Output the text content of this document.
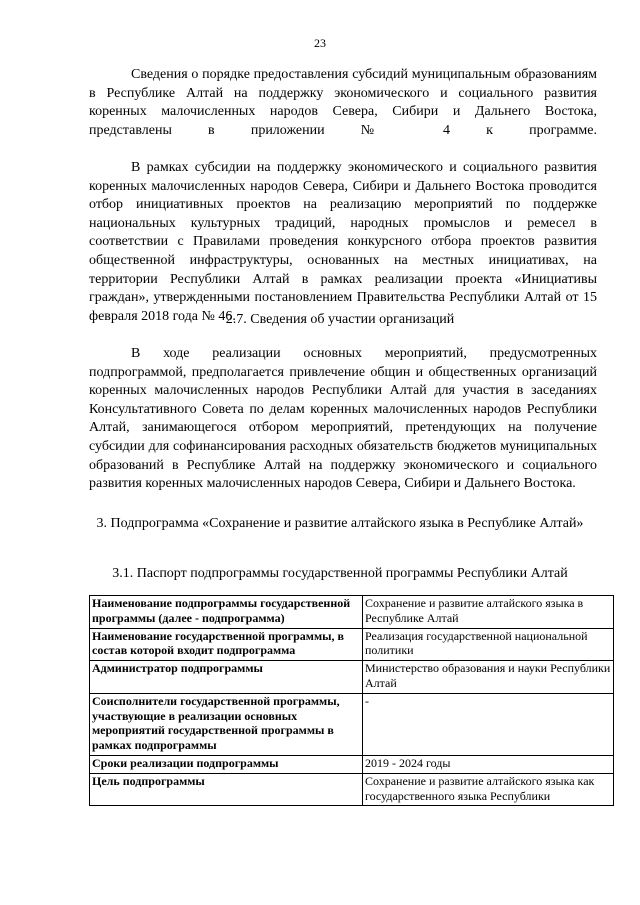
23

Сведения о порядке предоставления субсидий муниципальным образованиям в Республике Алтай на поддержку экономического и социального развития коренных малочисленных народов Севера, Сибири и Дальнего Востока, представлены в приложении № 4 к программе.

В рамках субсидии на поддержку экономического и социального развития коренных малочисленных народов Севера, Сибири и Дальнего Востока проводится отбор инициативных проектов на реализацию мероприятий по поддержке национальных культурных традиций, народных промыслов и ремесел в соответствии с Правилами проведения конкурсного отбора проектов развития общественной инфраструктуры, основанных на местных инициативах, на территории Республики Алтай в рамках реализации проекта «Инициативы граждан», утвержденными постановлением Правительства Республики Алтай от 15 февраля 2018 года № 46.

2.7. Сведения об участии организаций

В ходе реализации основных мероприятий, предусмотренных подпрограммой, предполагается привлечение общин и общественных организаций коренных малочисленных народов Республики Алтай для участия в заседаниях Консультативного Совета по делам коренных малочисленных народов Республики Алтай, занимающегося отбором мероприятий, претендующих на получение субсидии для софинансирования расходных обязательств бюджетов муниципальных образований в Республике Алтай на поддержку экономического и социального развития коренных малочисленных народов Севера, Сибири и Дальнего Востока.

3. Подпрограмма «Сохранение и развитие алтайского языка в Республике Алтай»
3.1. Паспорт подпрограммы государственной программы Республики Алтай
Наименование подпрограммы государственной программы (далее - подпрограмма)	Сохранение и развитие алтайского языка в Республике Алтай
Наименование государственной программы, в состав которой входит подпрограмма	Реализация государственной национальной политики
Администратор подпрограммы	Министерство образования и науки Республики Алтай
Соисполнители государственной программы, участвующие в реализации основных мероприятий государственной программы в рамках подпрограммы	-
Сроки реализации подпрограммы	2019 - 2024 годы
Цель подпрограммы	Сохранение и развитие алтайского языка как государственного языка Республики
